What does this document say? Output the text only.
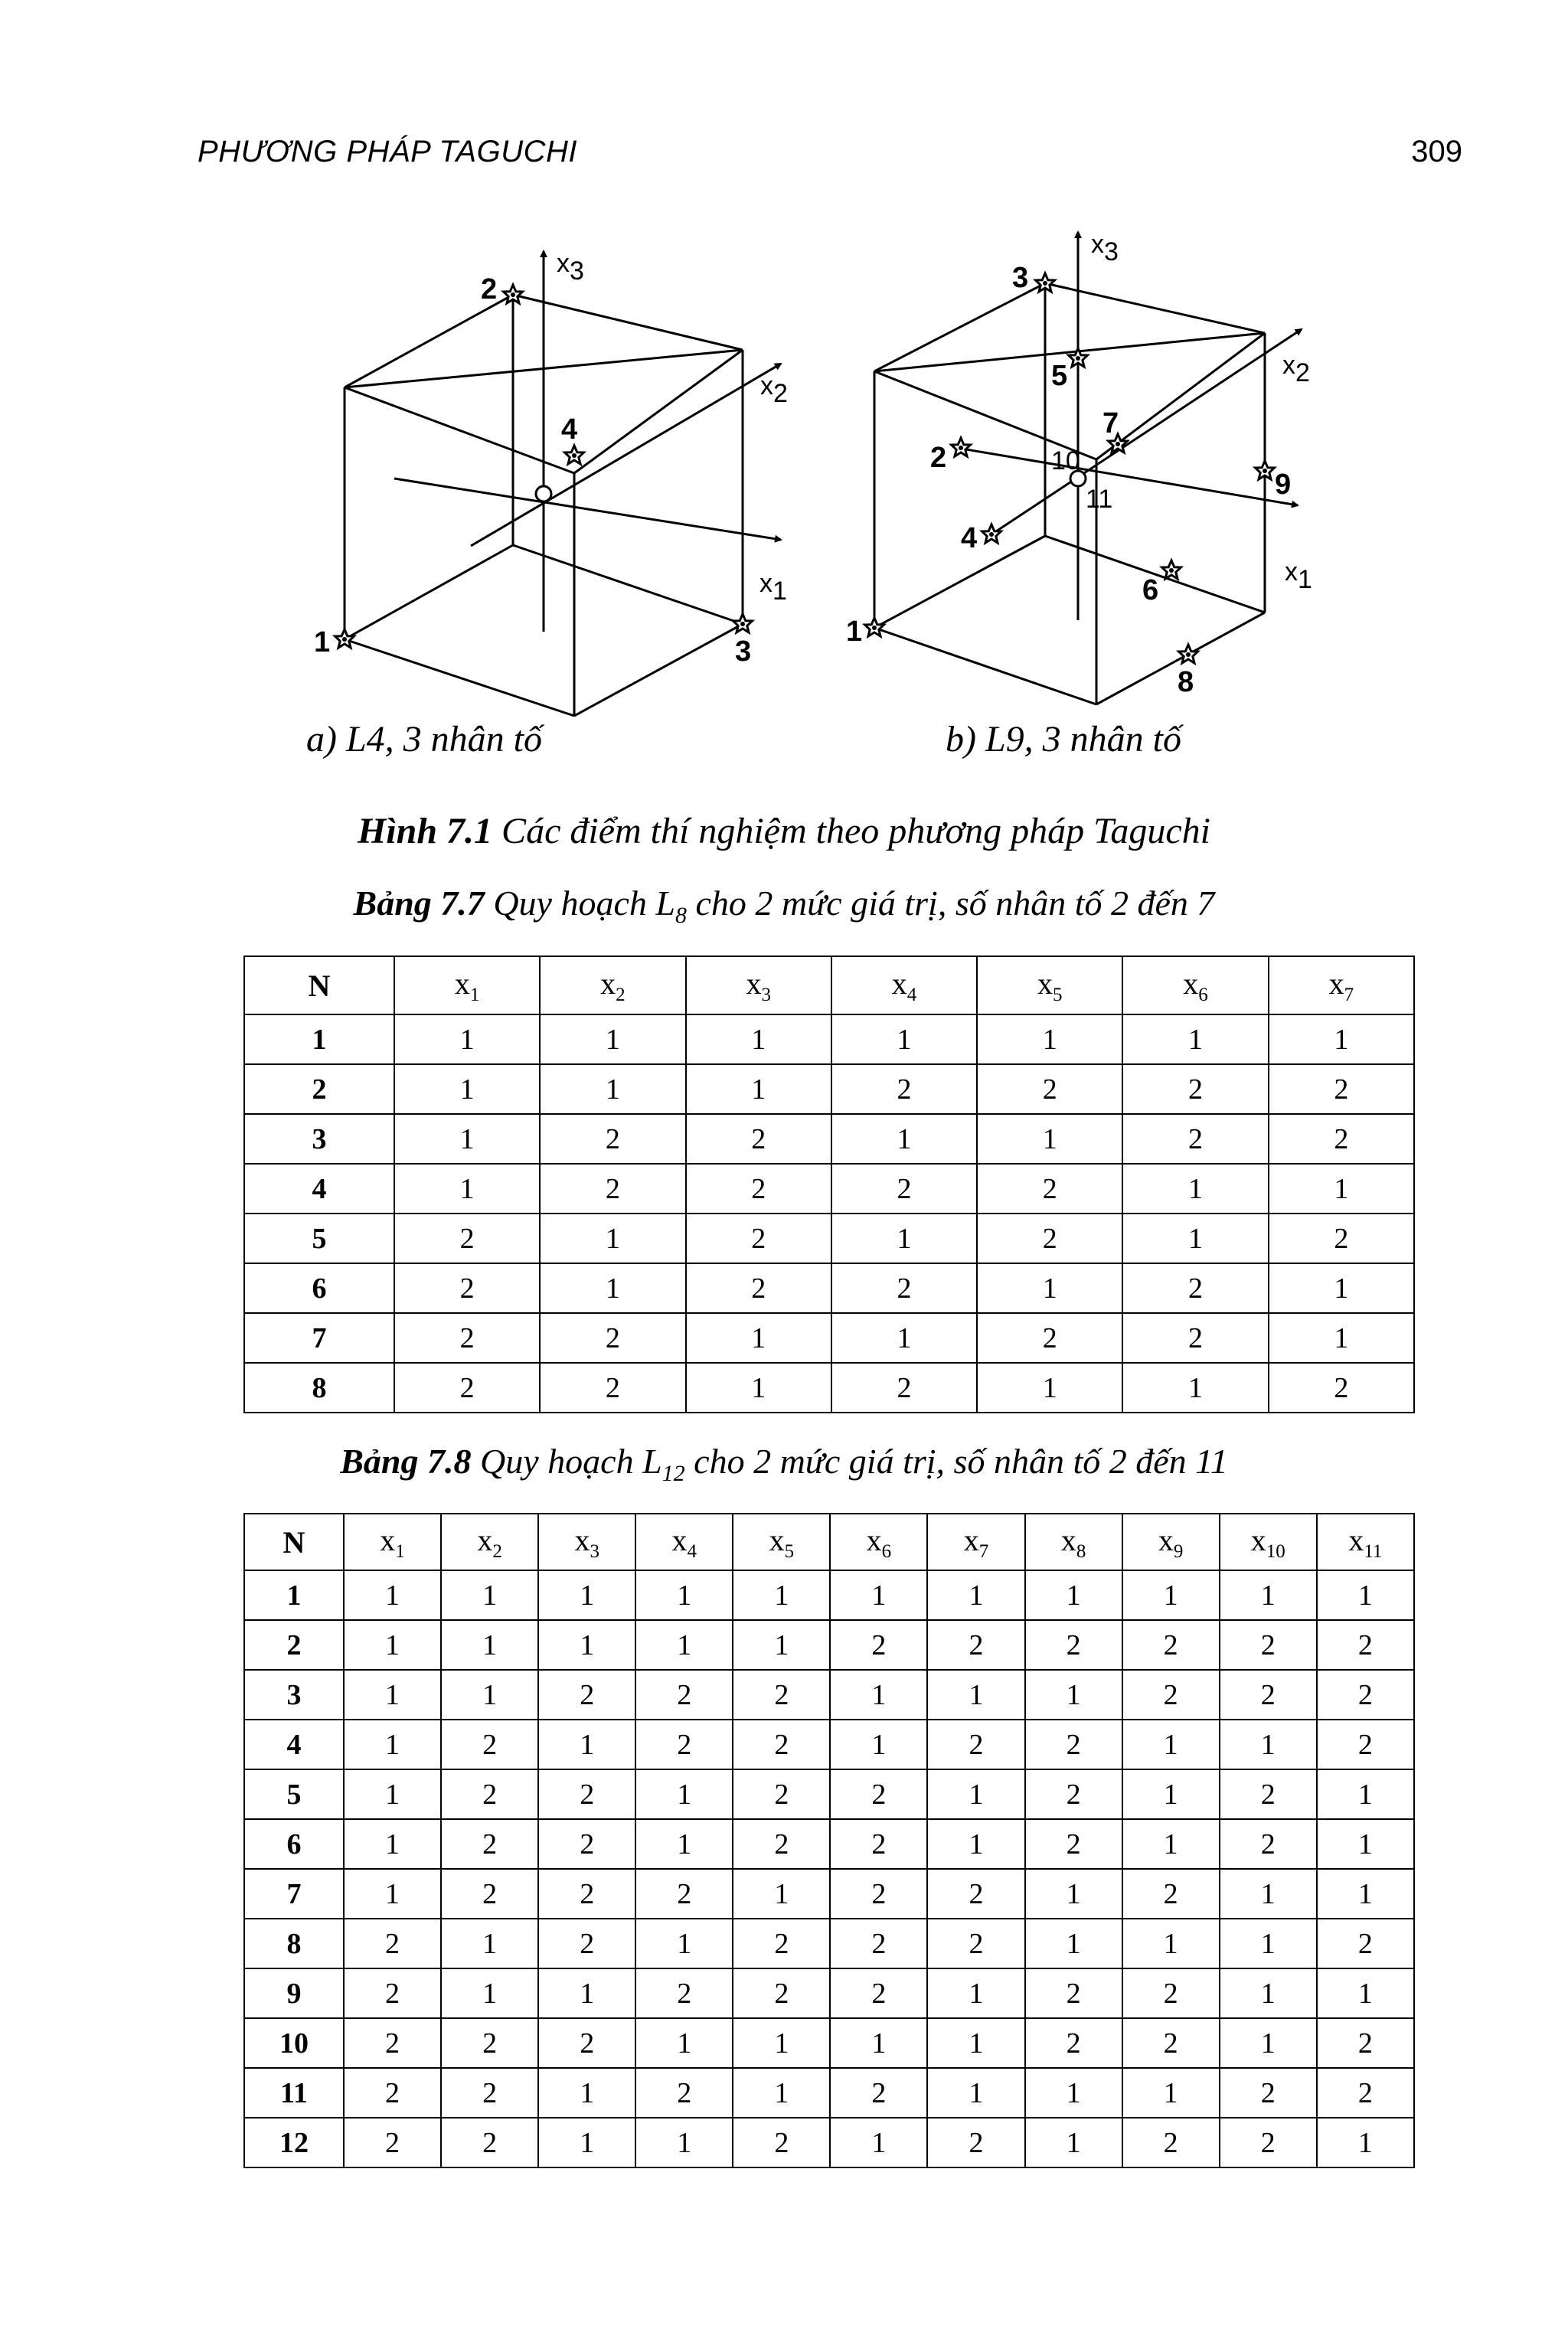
PHƯƠNG PHÁP TAGUCHI	309
1
2
3
4
x3
x2
x1
1
2
3
4
5
6
7
8
9
10
11
x3
x2
x1
a) L4, 3 nhân tố	b) L9, 3 nhân tố
Hình 7.1 Các điểm thí nghiệm theo phương pháp Taguchi
Bảng 7.7 Quy hoạch $L_8$ cho 2 mức giá trị, số nhân tố 2 đến 7
N	$x_1$	$x_2$	$x_3$	$x_4$	$x_5$	$x_6$	$x_7$
1	1	1	1	1	1	1	1
2	1	1	1	2	2	2	2
3	1	2	2	1	1	2	2
4	1	2	2	2	2	1	1
5	2	1	2	1	2	1	2
6	2	1	2	2	1	2	1
7	2	2	1	1	2	2	1
8	2	2	1	2	1	1	2
Bảng 7.8 Quy hoạch $L_{12}$ cho 2 mức giá trị, số nhân tố 2 đến 11
N	$x_1$	$x_2$	$x_3$	$x_4$	$x_5$	$x_6$	$x_7$	$x_8$	$x_9$	$x_{10}$	$x_{11}$
1	1	1	1	1	1	1	1	1	1	1	1
2	1	1	1	1	1	2	2	2	2	2	2
3	1	1	2	2	2	1	1	1	2	2	2
4	1	2	1	2	2	1	2	2	1	1	2
5	1	2	2	1	2	2	1	2	1	2	1
6	1	2	2	1	2	2	1	2	1	2	1
7	1	2	2	2	1	2	2	1	2	1	1
8	2	1	2	1	2	2	2	1	1	1	2
9	2	1	1	2	2	2	1	2	2	1	1
10	2	2	2	1	1	1	1	2	2	1	2
11	2	2	1	2	1	2	1	1	1	2	2
12	2	2	1	1	2	1	2	1	2	2	1
